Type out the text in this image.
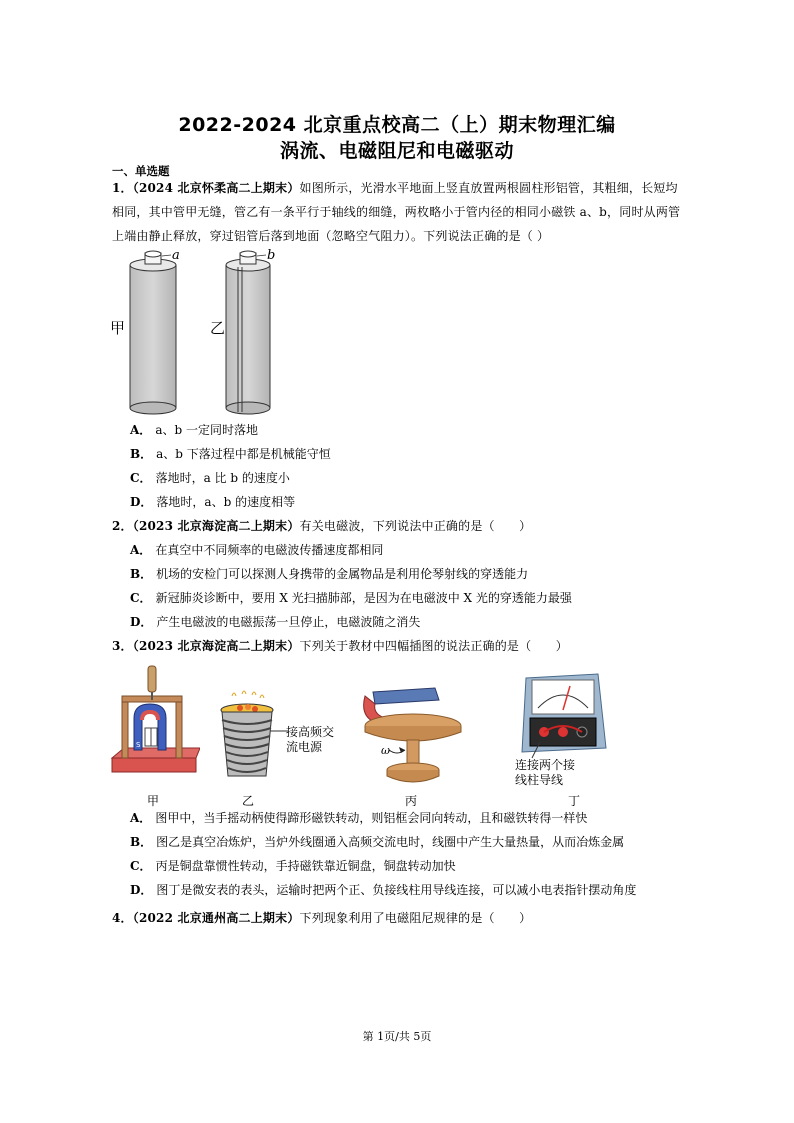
2022-2024 北京重点校高二（上）期末物理汇编
涡流、电磁阻尼和电磁驱动
一、单选题
1．（2024 北京怀柔高二上期末）如图所示，光滑水平地面上竖直放置两根圆柱形铝管，其粗细，长短均相同，其中管甲无缝，管乙有一条平行于轴线的细缝，两枚略小于管内径的相同小磁铁 a、b，同时从两管上端由静止释放，穿过铝管后落到地面（忽略空气阻力）。下列说法正确的是（ ）
a	b
甲	乙
A． a、b 一定同时落地
B． a、b 下落过程中都是机械能守恒
C． 落地时，a 比 b 的速度小
D． 落地时，a、b 的速度相等
2．（2023 北京海淀高二上期末）有关电磁波，下列说法中正确的是（　　）
A． 在真空中不同频率的电磁波传播速度都相同
B． 机场的安检门可以探测人身携带的金属物品是利用伦琴射线的穿透能力
C． 新冠肺炎诊断中，要用 X 光扫描肺部，是因为在电磁波中 X 光的穿透能力最强
D． 产生电磁波的电磁振荡一旦停止，电磁波随之消失
3．（2023 北京海淀高二上期末）下列关于教材中四幅插图的说法正确的是（　　）
S
甲
接高频交
流电源
乙
ω
丙
连接两个接
线柱导线
丁
A． 图甲中，当手摇动柄使得蹄形磁铁转动，则铝框会同向转动，且和磁铁转得一样快
B． 图乙是真空冶炼炉，当炉外线圈通入高频交流电时，线圈中产生大量热量，从而冶炼金属
C． 丙是铜盘靠惯性转动，手持磁铁靠近铜盘，铜盘转动加快
D． 图丁是微安表的表头，运输时把两个正、负接线柱用导线连接，可以减小电表指针摆动角度
4．（2022 北京通州高二上期末）下列现象利用了电磁阻尼规律的是（　　）
第 1页/共 5页
